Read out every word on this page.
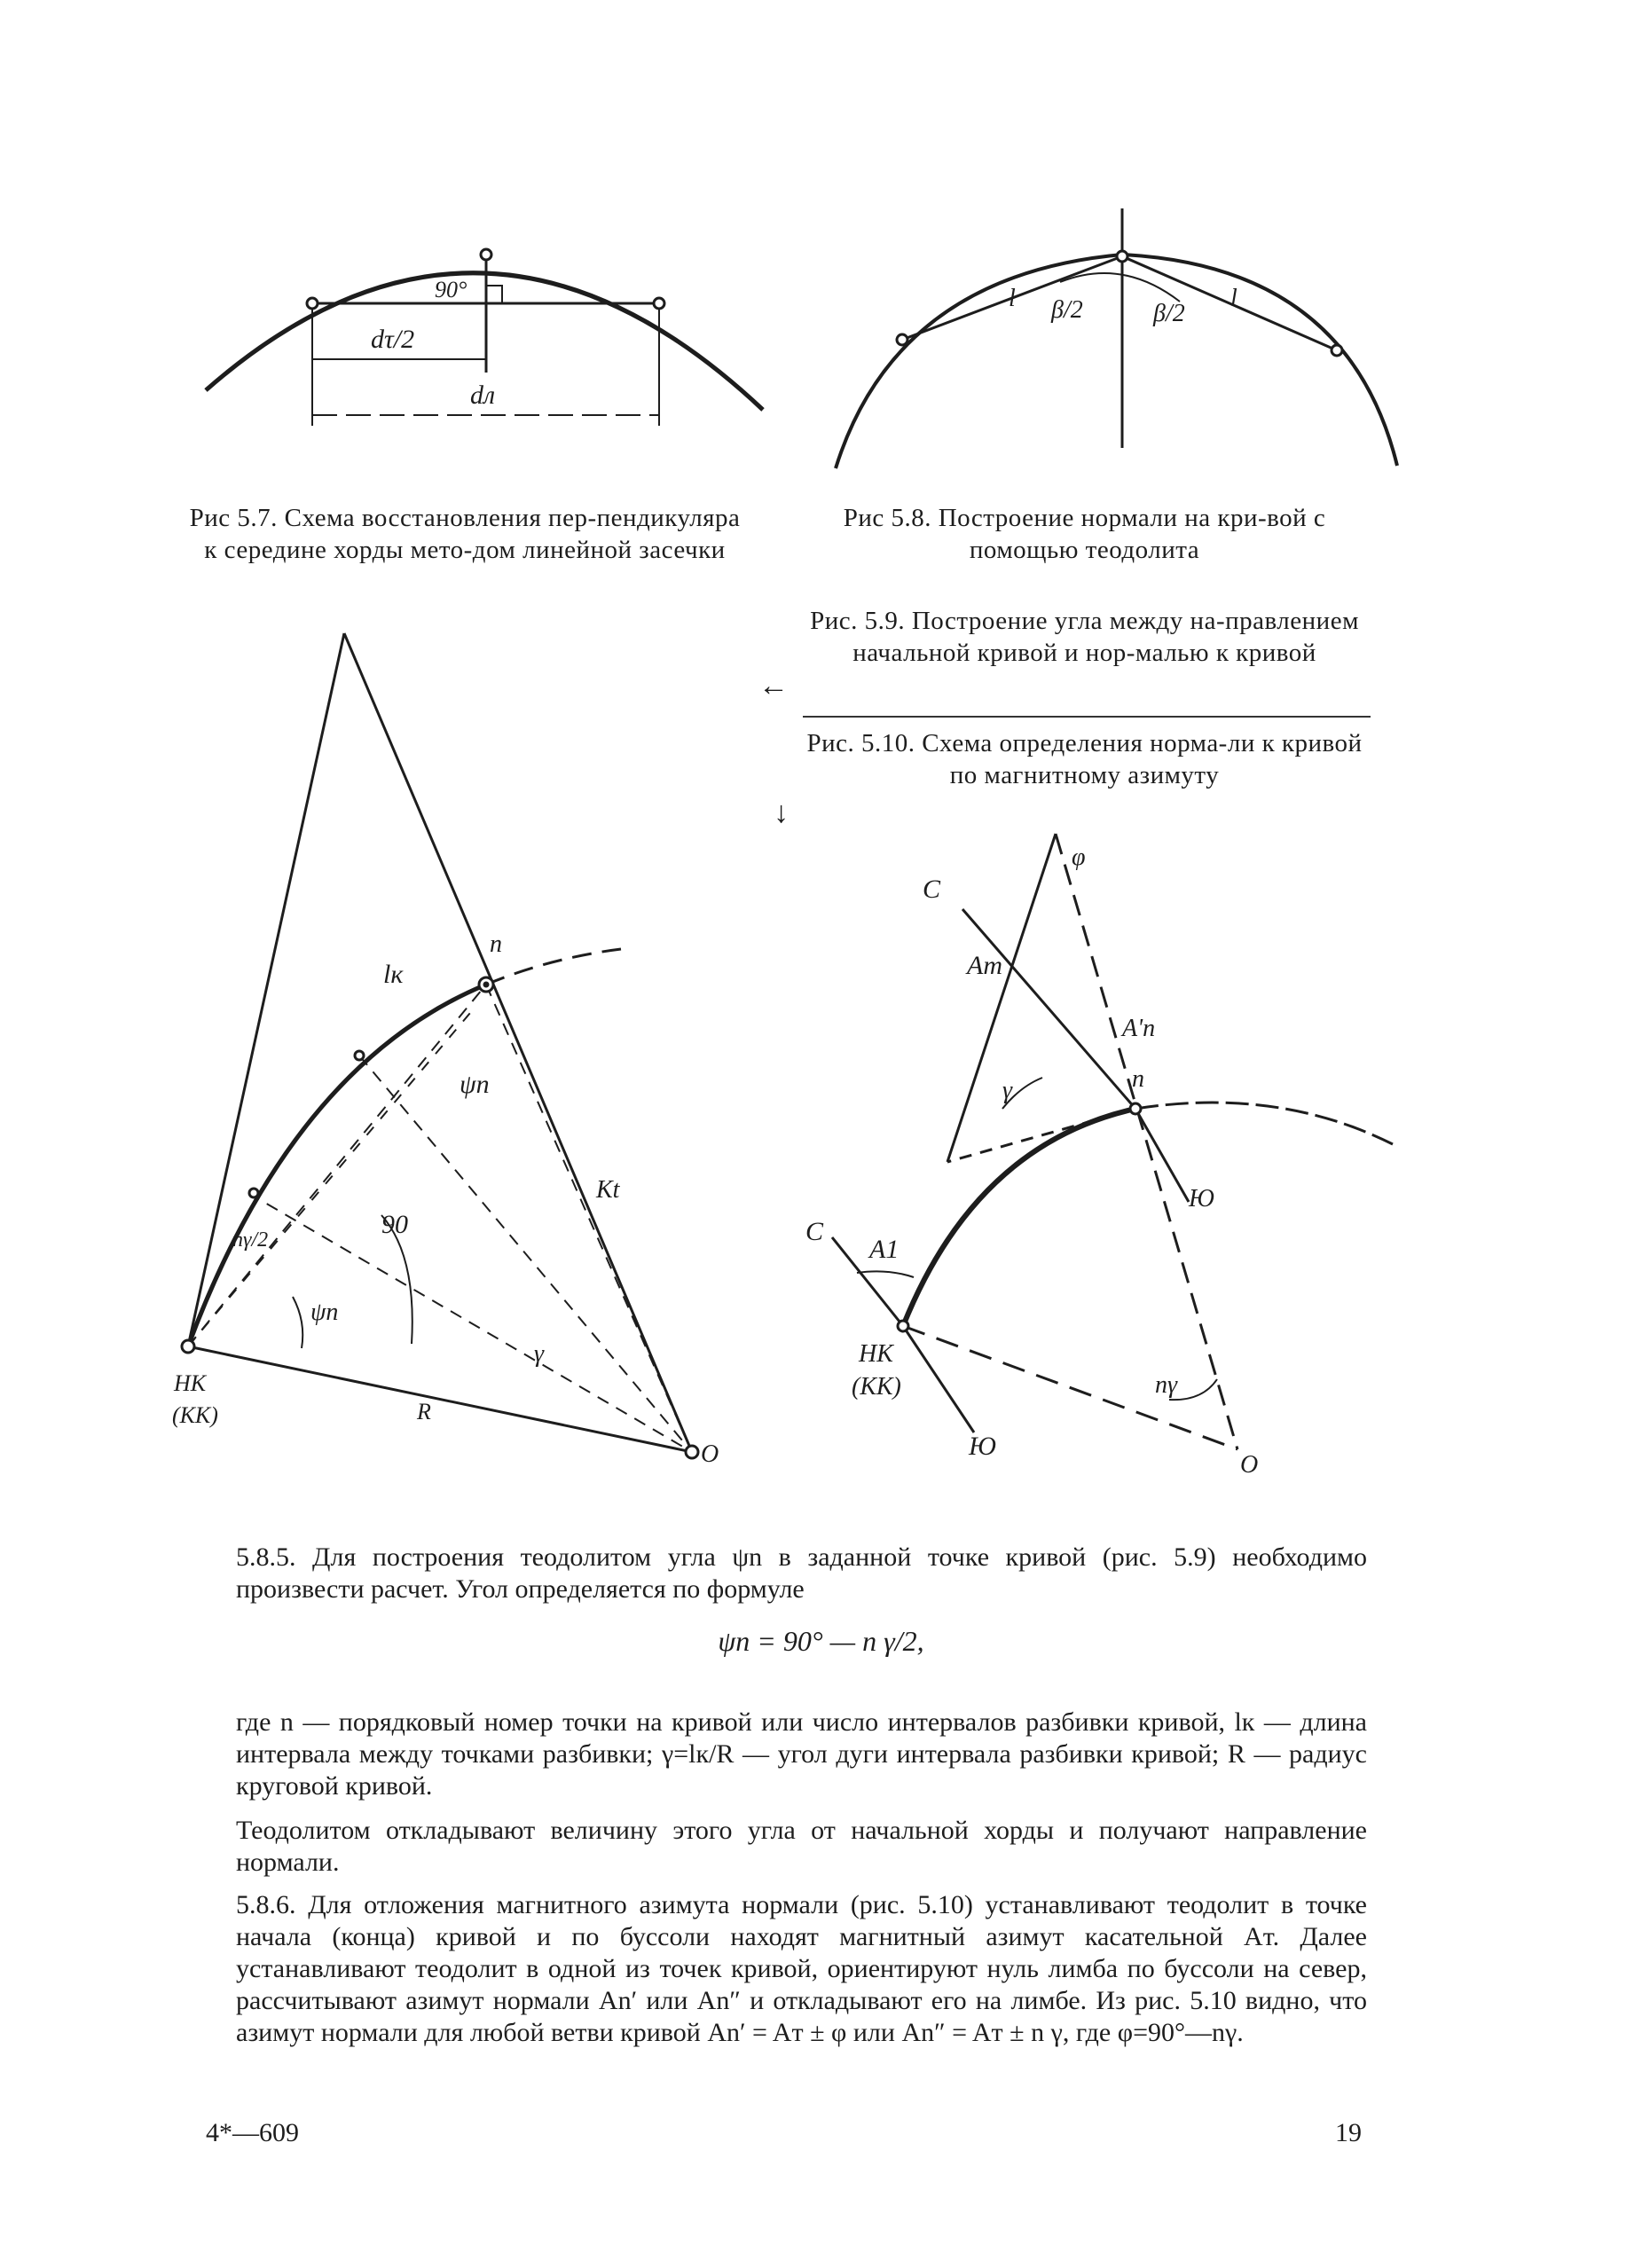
90°
dτ/2
dл
β/2	β/2
l	l
lк
n
ψn
90
Kt
nγ/2
ψn
НК
(КК)	R
O
γ
С
φ
Aт
A'n
γ	n
Ю
С
A1
НК
(КК)
Ю
nγ
O
Рис 5.7. Схема восстановления пер-пендикуляра к середине хорды мето-дом линейной засечки
Рис 5.8. Построение нормали на кри-вой с помощью теодолита
Рис. 5.9. Построение угла между на-правлением начальной кривой и нор-малью к кривой
←
Рис. 5.10. Схема определения норма-ли к кривой по магнитному азимуту
↓
5.8.5. Для построения теодолитом угла ψn в заданной точке кривой (рис. 5.9) необходимо произвести расчет. Угол определяется по формуле
ψn = 90° — n γ/2,
где n — порядковый номер точки на кривой или число интервалов разбивки кривой, lк — длина интервала между точками разбивки; γ=lк/R — угол дуги интервала разбивки кривой; R — радиус круговой кривой.
Теодолитом откладывают величину этого угла от начальной хорды и получают направление нормали.
5.8.6. Для отложения магнитного азимута нормали (рис. 5.10) устанавливают теодолит в точке начала (конца) кривой и по буссоли находят магнитный азимут касательной Aт. Далее устанавливают теодолит в одной из точек кривой, ориентируют нуль лимба по буссоли на север, рассчитывают азимут нормали An′ или An″ и откладывают его на лимбе. Из рис. 5.10 видно, что азимут нормали для любой ветви кривой An′ = Aт ± φ или An″ = Aт ± n γ, где φ=90°—nγ.
4*—609	19
